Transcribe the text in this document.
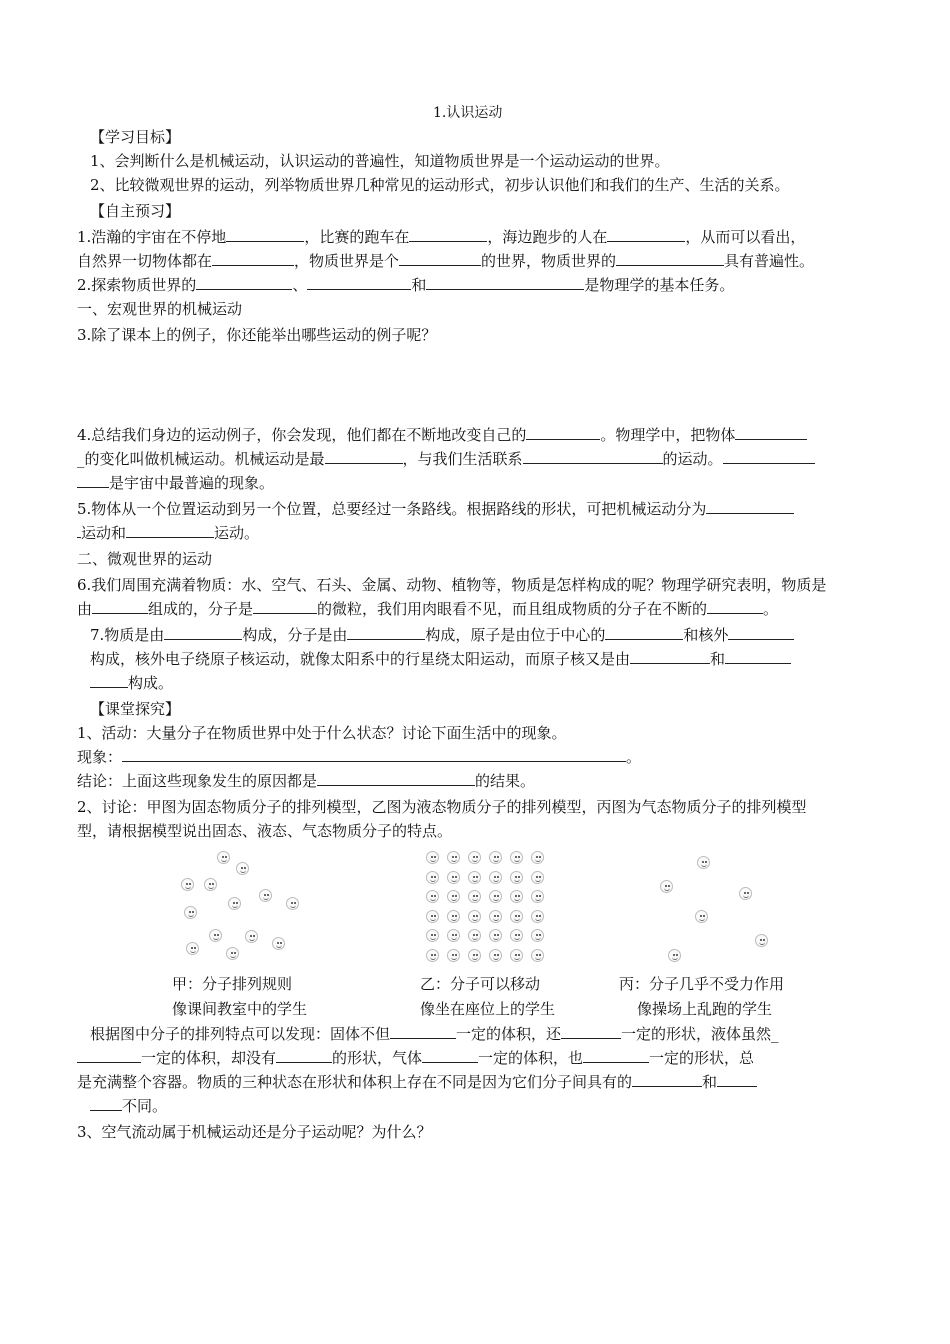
1.认识运动
【学习目标】
1、会判断什么是机械运动，认识运动的普遍性，知道物质世界是一个运动运动的世界。
2、比较微观世界的运动，列举物质世界几种常见的运动形式，初步认识他们和我们的生产、生活的关系。
【自主预习】
1.浩瀚的宇宙在不停地	，比赛的跑车在	，海边跑步的人在	，从而可以看出，
自然界一切物体都在	，物质世界是个	的世界，物质世界的	具有普遍性。
2.探索物质世界的	、	和	是物理学的基本任务。
一、宏观世界的机械运动
3.除了课本上的例子，你还能举出哪些运动的例子呢？
4.总结我们身边的运动例子，你会发现，他们都在不断地改变自己的	。物理学中，把物体
_的变化叫做机械运动。机械运动是最	，与我们生活联系	的运动。
是宇宙中最普遍的现象。
5.物体从一个位置运动到另一个位置，总要经过一条路线。根据路线的形状，可把机械运动分为
运动和	运动。
二、微观世界的运动
6.我们周围充满着物质：水、空气、石头、金属、动物、植物等，物质是怎样构成的呢？物理学研究表明，物质是
由	组成的，分子是	的微粒，我们用肉眼看不见，而且组成物质的分子在不断的	。
7.物质是由	构成，分子是由	构成，原子是由位于中心的	和核外
构成，核外电子绕原子核运动，就像太阳系中的行星绕太阳运动，而原子核又是由	和
构成。
【课堂探究】
1、活动：大量分子在物质世界中处于什么状态？讨论下面生活中的现象。
现象：	。
结论：上面这些现象发生的原因都是	的结果。
2、讨论：甲图为固态物质分子的排列模型，乙图为液态物质分子的排列模型，丙图为气态物质分子的排列模型
型，请根据模型说出固态、液态、气态物质分子的特点。
甲：分子排列规则
像课间教室中的学生
乙：分子可以移动
像坐在座位上的学生
丙：分子几乎不受力作用
像操场上乱跑的学生
根据图中分子的排列特点可以发现：固体不但	一定的体积，还	一定的形状，液体虽然_
一定的体积，却没有	的形状，气体	一定的体积，也	一定的形状，总
是充满整个容器。物质的三种状态在形状和体积上存在不同是因为它们分子间具有的	和
不同。
3、空气流动属于机械运动还是分子运动呢？为什么？
